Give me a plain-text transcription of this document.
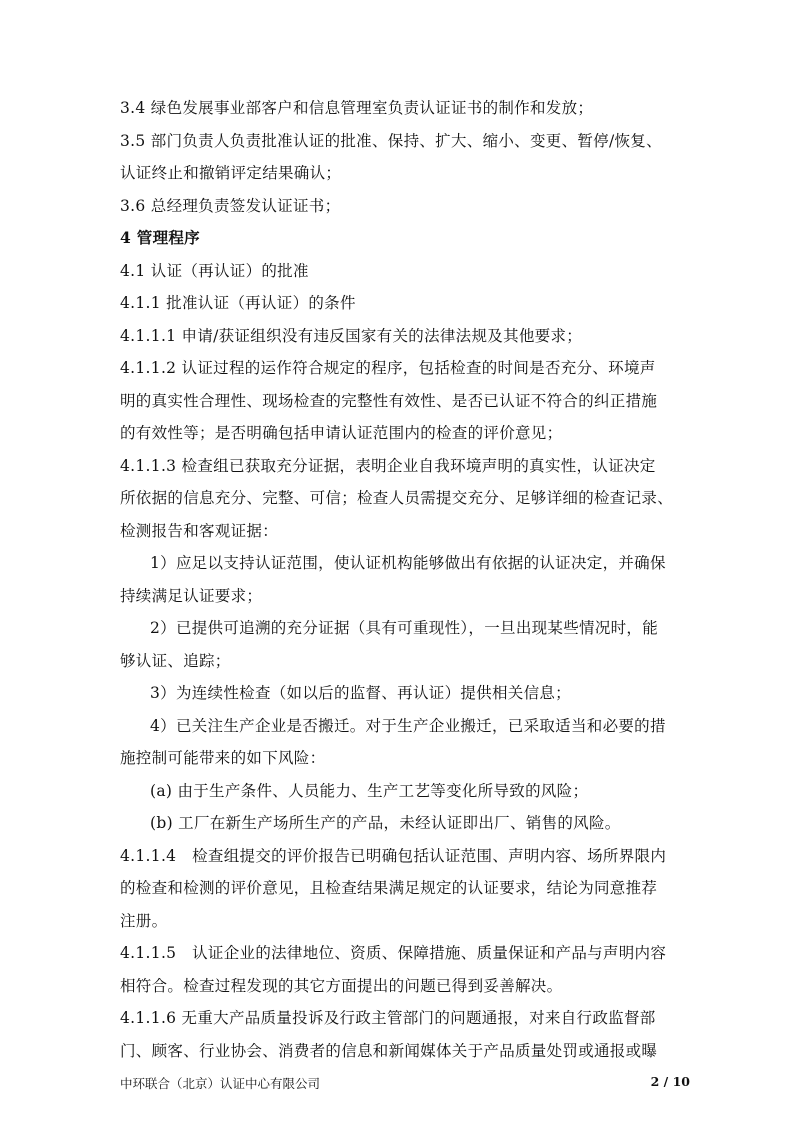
3.4 绿色发展事业部客户和信息管理室负责认证证书的制作和发放；
3.5 部门负责人负责批准认证的批准、保持、扩大、缩小、变更、暂停/恢复、
认证终止和撤销评定结果确认；
3.6 总经理负责签发认证证书；
4 管理程序
4.1 认证（再认证）的批准
4.1.1 批准认证（再认证）的条件
4.1.1.1 申请/获证组织没有违反国家有关的法律法规及其他要求；
4.1.1.2 认证过程的运作符合规定的程序，包括检查的时间是否充分、环境声
明的真实性合理性、现场检查的完整性有效性、是否已认证不符合的纠正措施
的有效性等；是否明确包括申请认证范围内的检查的评价意见；
4.1.1.3 检查组已获取充分证据，表明企业自我环境声明的真实性，认证决定
所依据的信息充分、完整、可信；检查人员需提交充分、足够详细的检查记录、
检测报告和客观证据：
1）应足以支持认证范围，使认证机构能够做出有依据的认证决定，并确保
持续满足认证要求；
2）已提供可追溯的充分证据（具有可重现性），一旦出现某些情况时，能
够认证、追踪；
3）为连续性检查（如以后的监督、再认证）提供相关信息；
4）已关注生产企业是否搬迁。对于生产企业搬迁，已采取适当和必要的措
施控制可能带来的如下风险：
(a) 由于生产条件、人员能力、生产工艺等变化所导致的风险；
(b) 工厂在新生产场所生产的产品，未经认证即出厂、销售的风险。
4.1.1.4　检查组提交的评价报告已明确包括认证范围、声明内容、场所界限内
的检查和检测的评价意见，且检查结果满足规定的认证要求，结论为同意推荐
注册。
4.1.1.5　认证企业的法律地位、资质、保障措施、质量保证和产品与声明内容
相符合。检查过程发现的其它方面提出的问题已得到妥善解决。
4.1.1.6 无重大产品质量投诉及行政主管部门的问题通报，对来自行政监督部
门、顾客、行业协会、消费者的信息和新闻媒体关于产品质量处罚或通报或曝
中环联合（北京）认证中心有限公司	2 / 10
